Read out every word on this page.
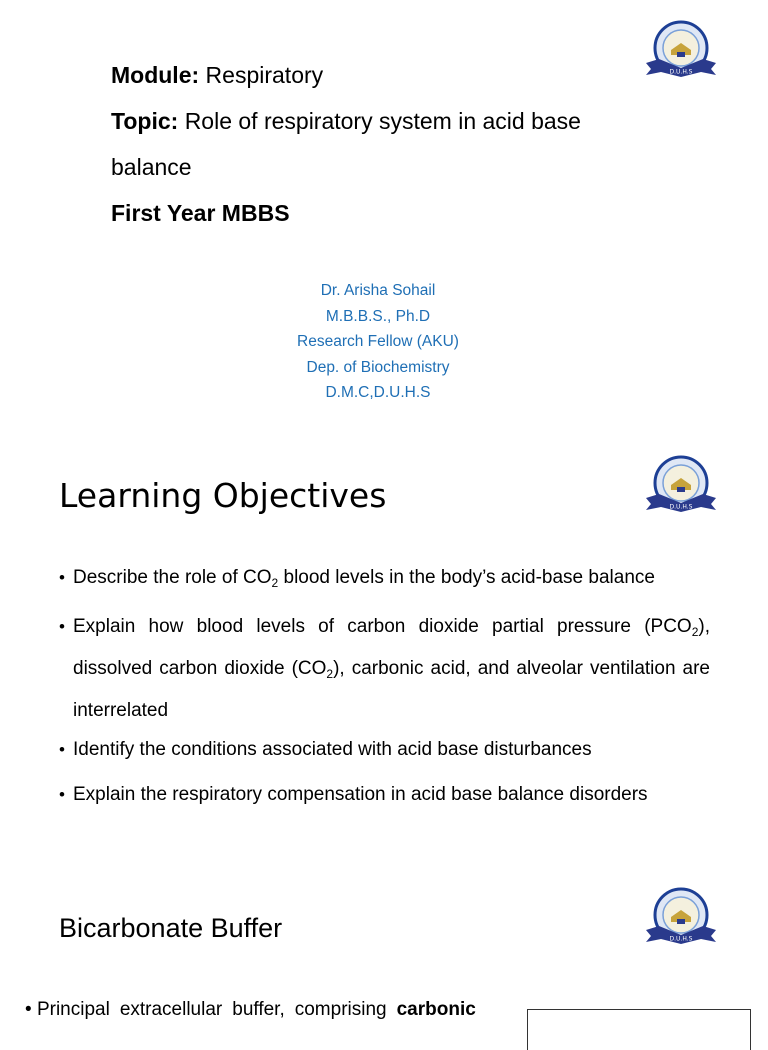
D.U.H.S
Module: Respiratory
Topic: Role of respiratory system in acid base
balance
First Year MBBS
Dr. Arisha Sohail
M.B.B.S., Ph.D
Research Fellow (AKU)
Dep. of Biochemistry
D.M.C,D.U.H.S
D.U.H.S
Learning Objectives
• Describe the role of $CO_2$ blood levels in the body’s acid-base balance
• Explain how blood levels of carbon dioxide partial pressure $(PCO_2)$, dissolved carbon dioxide $(CO_2)$, carbonic acid, and alveolar ventilation are interrelated
• Identify the conditions associated with acid base disturbances
• Explain the respiratory compensation in acid base balance disorders
D.U.H.S
Bicarbonate Buffer
• Principal extracellular buffer, comprising carbonic
